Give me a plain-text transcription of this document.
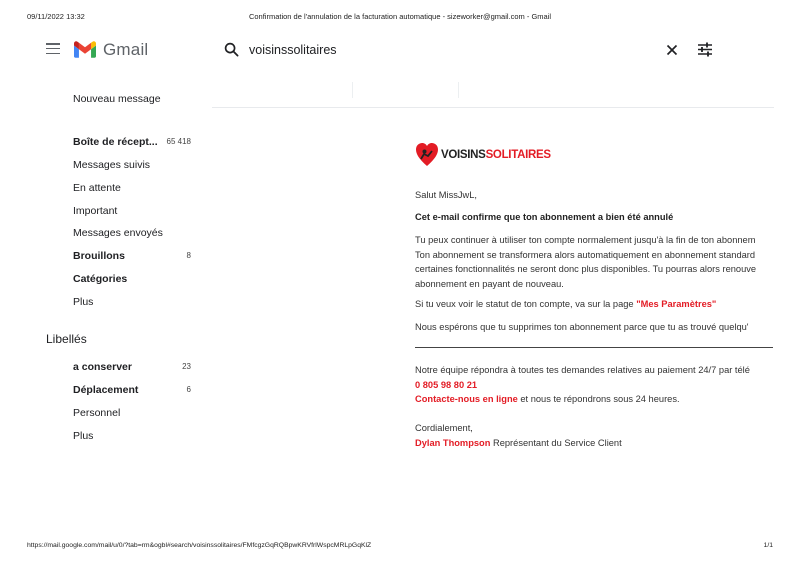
09/11/2022 13:32	Confirmation de l'annulation de la facturation automatique - sizeworker@gmail.com - Gmail
Gmail
voisinssolitaires
Nouveau message
Boîte de récept... 65 418
Messages suivis
En attente
Important
Messages envoyés
Brouillons	8
Catégories
Plus
Libellés
a conserver	23
Déplacement	6
Personnel
Plus
VOISINSSOLITAIRES
Salut MissJwL,
Cet e-mail confirme que ton abonnement a bien été annulé
Tu peux continuer à utiliser ton compte normalement jusqu'à la fin de ton abonnem
Ton abonnement se transformera alors automatiquement en abonnement standard
certaines fonctionnalités ne seront donc plus disponibles. Tu pourras alors renouve
abonnement en payant de nouveau.
Si tu veux voir le statut de ton compte, va sur la page "Mes Paramètres"
Nous espérons que tu supprimes ton abonnement parce que tu as trouvé quelqu'
Notre équipe répondra à toutes tes demandes relatives au paiement 24/7 par télé
0 805 98 80 21
Contacte-nous en ligne et nous te répondrons sous 24 heures.
Cordialement,
Dylan Thompson Représentant du Service Client
https://mail.google.com/mail/u/0/?tab=rm&ogbl#search/voisinssolitaires/FMfcgzGqRQBpwKRVfrlWspcMRLpGqKlZ	1/1
